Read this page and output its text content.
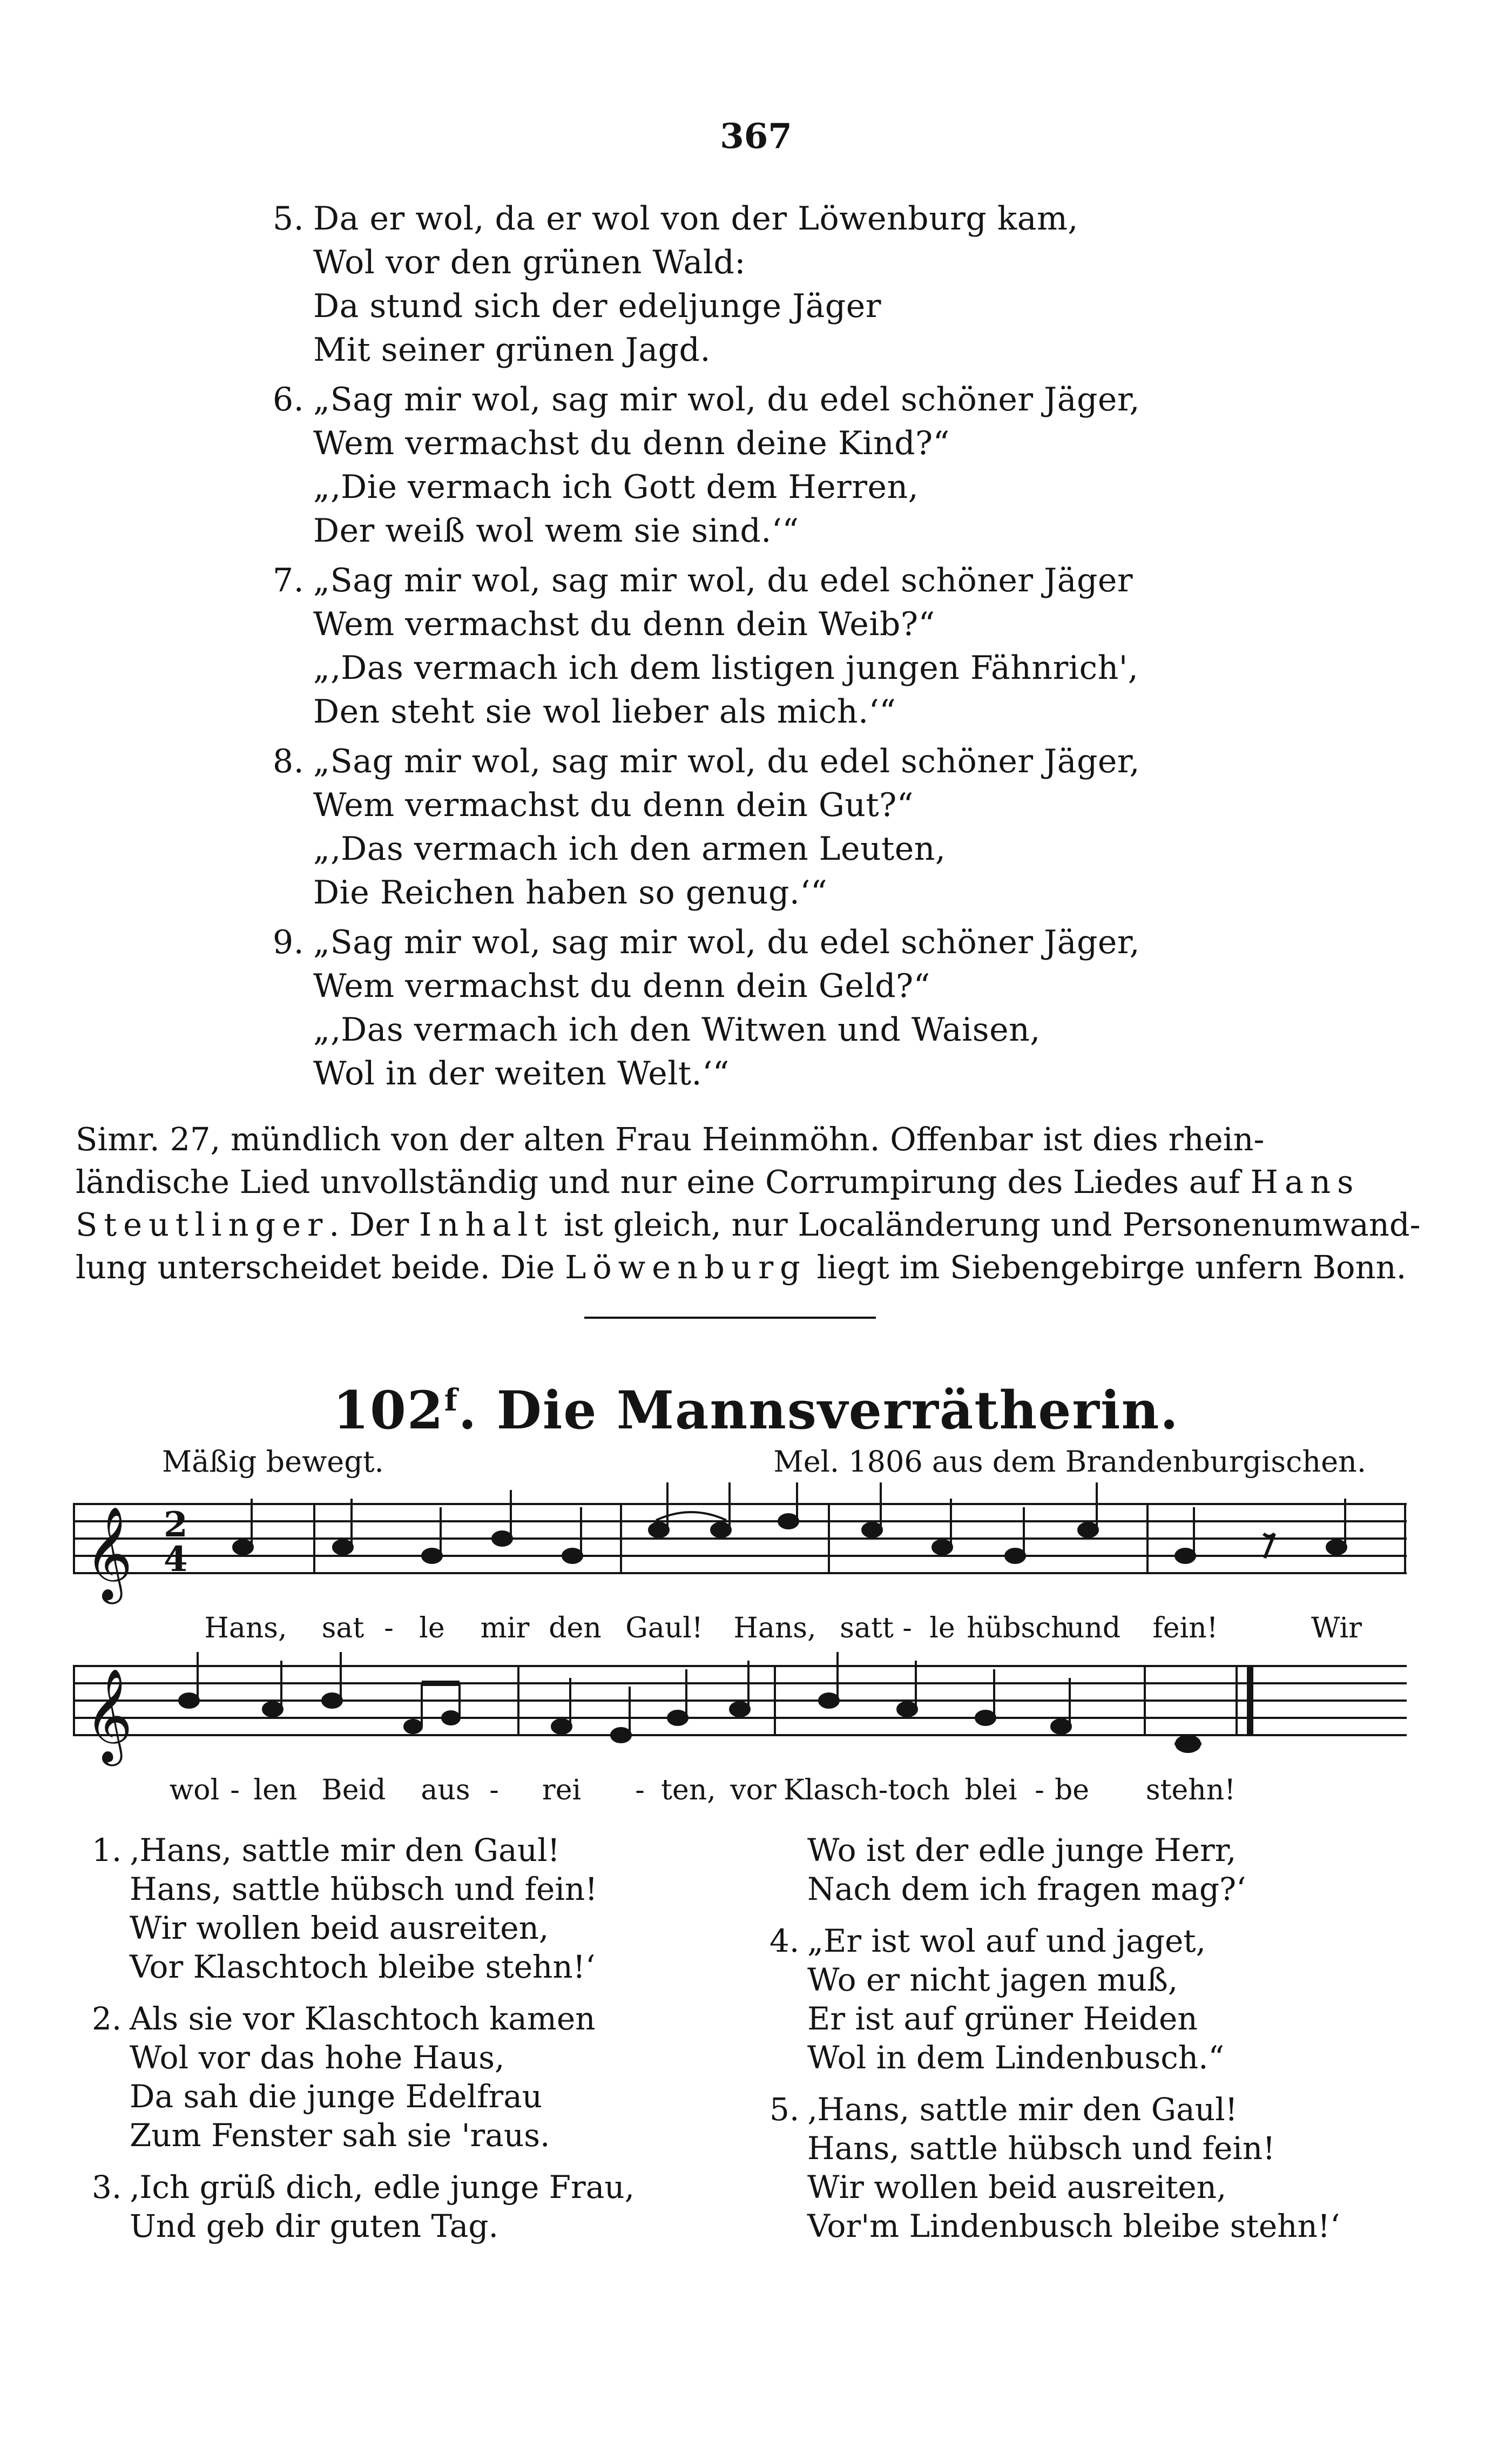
367
5. Da er wol, da er wol von der Löwenburg kam,
Wol vor den grünen Wald:
Da stund sich der edeljunge Jäger
Mit seiner grünen Jagd.
6. „Sag mir wol, sag mir wol, du edel schöner Jäger,
Wem vermachst du denn deine Kind?“
„‚Die vermach ich Gott dem Herren,
Der weiß wol wem sie sind.‘“
7. „Sag mir wol, sag mir wol, du edel schöner Jäger
Wem vermachst du denn dein Weib?“
„‚Das vermach ich dem listigen jungen Fähnrich',
Den steht sie wol lieber als mich.‘“
8. „Sag mir wol, sag mir wol, du edel schöner Jäger,
Wem vermachst du denn dein Gut?“
„‚Das vermach ich den armen Leuten,
Die Reichen haben so genug.‘“
9. „Sag mir wol, sag mir wol, du edel schöner Jäger,
Wem vermachst du denn dein Geld?“
„‚Das vermach ich den Witwen und Waisen,
Wol in der weiten Welt.‘“
Simr. 27, mündlich von der alten Frau Heinmöhn. Offenbar ist dies rhein-
ländische Lied unvollständig und nur eine Corrumpirung des Liedes auf Hans
Steutlinger. Der Inhalt ist gleich, nur Localänderung und Personenumwand-
lung unterscheidet beide. Die Löwenburg liegt im Siebengebirge unfern Bonn.
102$^f$. Die Mannsverrätherin.
Mäßig bewegt.	Mel. 1806 aus dem Brandenburgischen.
𝄞 2
4
Hans, sat - le mir den Gaul! Hans, satt - le hübsch
und fein!	Wir
𝄞
wol - len Beid aus - rei - ten, vor Klasch-toch blei - be stehn!
1. ‚Hans, sattle mir den Gaul!
Hans, sattle hübsch und fein!
Wir wollen beid ausreiten,
Vor Klaschtoch bleibe stehn!‘
2. Als sie vor Klaschtoch kamen
Wol vor das hohe Haus,
Da sah die junge Edelfrau
Zum Fenster sah sie 'raus.
3. ‚Ich grüß dich, edle junge Frau,
Und geb dir guten Tag.
Wo ist der edle junge Herr,
Nach dem ich fragen mag?‘
4. „Er ist wol auf und jaget,
Wo er nicht jagen muß,
Er ist auf grüner Heiden
Wol in dem Lindenbusch.“
5. ‚Hans, sattle mir den Gaul!
Hans, sattle hübsch und fein!
Wir wollen beid ausreiten,
Vor'm Lindenbusch bleibe stehn!‘
